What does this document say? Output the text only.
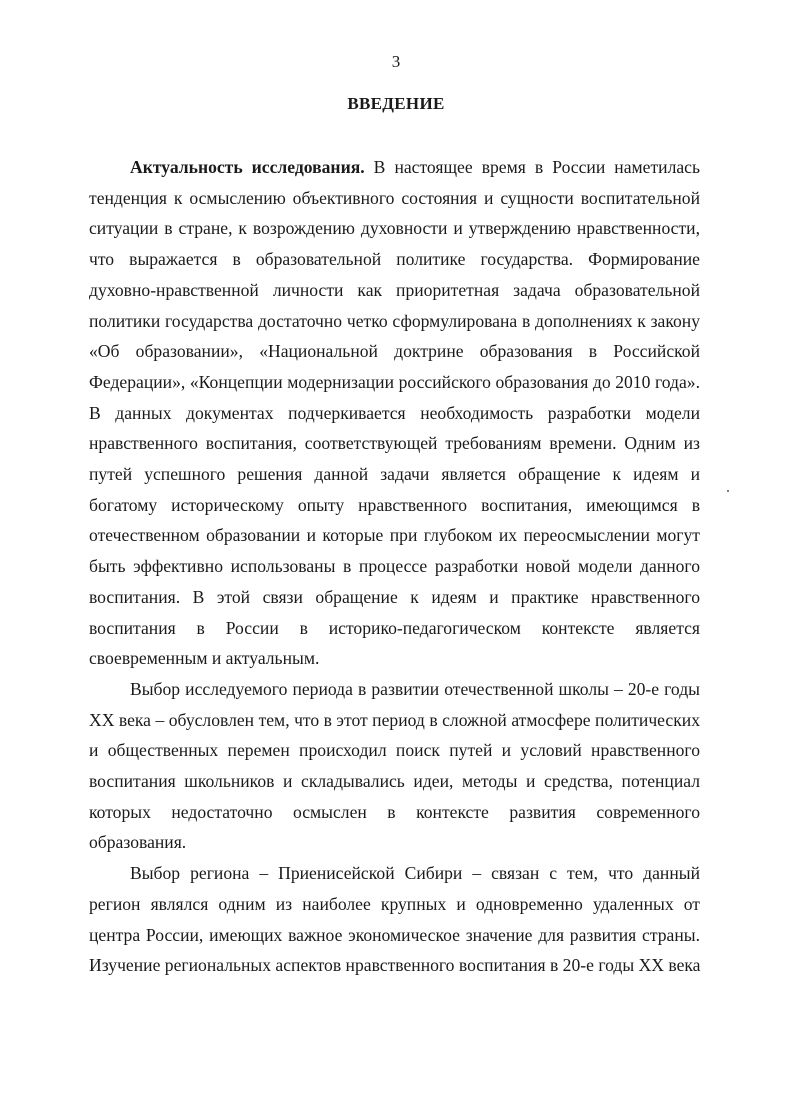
3
ВВЕДЕНИЕ
Актуальность исследования. В настоящее время в России наметилась
тенденция к осмыслению объективного состояния и сущности воспитательной
ситуации в стране, к возрождению духовности и утверждению нравственности,
что выражается в образовательной политике государства. Формирование
духовно-нравственной личности как приоритетная задача образовательной
политики государства достаточно четко сформулирована в дополнениях к закону
«Об образовании», «Национальной доктрине образования в Российской
Федерации», «Концепции модернизации российского образования до 2010 года».
В данных документах подчеркивается необходимость разработки модели
нравственного воспитания, соответствующей требованиям времени. Одним из
путей успешного решения данной задачи является обращение к идеям и
богатому историческому опыту нравственного воспитания, имеющимся в
отечественном образовании и которые при глубоком их переосмыслении могут
быть эффективно использованы в процессе разработки новой модели данного
воспитания. В этой связи обращение к идеям и практике нравственного
воспитания в России в историко-педагогическом контексте является
своевременным и актуальным.
Выбор исследуемого периода в развитии отечественной школы – 20-е годы
XX века – обусловлен тем, что в этот период в сложной атмосфере политических
и общественных перемен происходил поиск путей и условий нравственного
воспитания школьников и складывались идеи, методы и средства, потенциал
которых недостаточно осмыслен в контексте развития современного
образования.
Выбор региона – Приенисейской Сибири – связан с тем, что данный
регион являлся одним из наиболее крупных и одновременно удаленных от
центра России, имеющих важное экономическое значение для развития страны.
Изучение региональных аспектов нравственного воспитания в 20-е годы XX века
